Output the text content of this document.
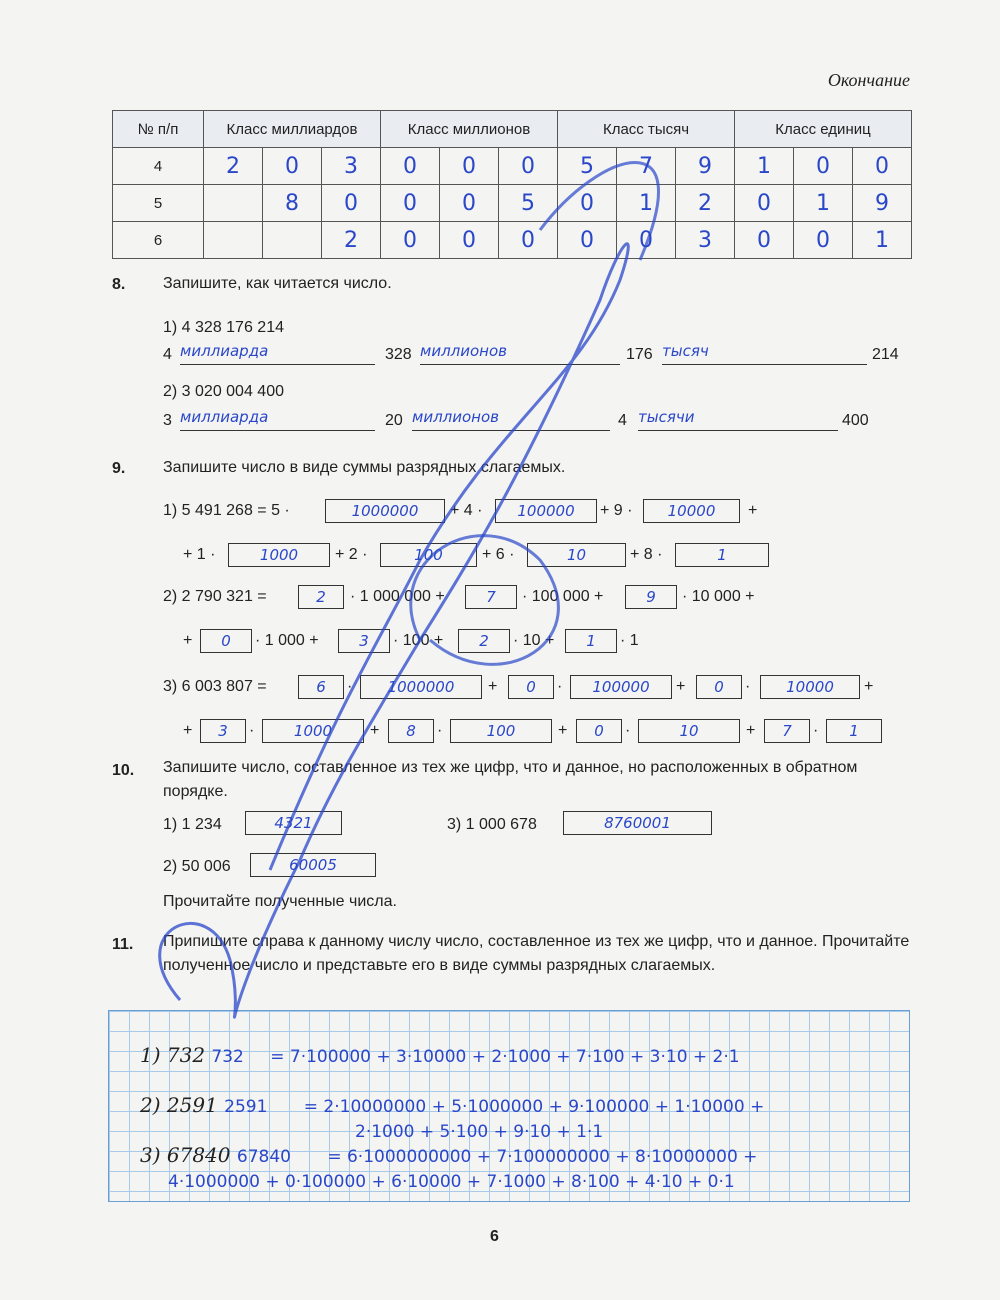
Окончание
№ п/п	Класс миллиардов			Класс миллионов			Класс тысяч			Класс единиц		
4	2	0	3	0	0	0	5	7	9	1	0	0
5		8	0	0	0	5	0	1	2	0	1	9
6			2	0	0	0	0	0	3	0	0	1
8. Запишите, как читается число.
1) 4 328 176 214
4 миллиарда	328 миллионов	176 тысяч	214
2) 3 020 004 400
3 миллиарда	20 миллионов	4 тысячи	400
9. Запишите число в виде суммы разрядных слагаемых.
1) 5 491 268 = 5 ·	1000000	+ 4 ·	100000	+ 9 ·	10000	+
+ 1 ·	1000	+ 2 ·	100	+ 6 ·	10	+ 8 ·	1
2) 2 790 321 =	2	· 1 000 000 +	7	· 100 000 +	9	· 10 000 +
+	0	· 1 000 +	3	· 100 +	2	· 10 +	1	· 1
3) 6 003 807 =	6	·	1000000	+	0	·	100000	+	0	·	10000	+
+	3	·	1000	+	8	·	100	+	0	·	10	+	7	·	1
10. Запишите число, составленное из тех же цифр, что и данное, но расположенных в обратном порядке.
1) 1 234	4321	3) 1 000 678	8760001
2) 50 006	60005
Прочитайте полученные числа.
11. Припишите справа к данному числу число, составленное из тех же цифр, что и данное. Прочитайте полученное число и представьте его в виде суммы разрядных слагаемых.
1) 732 732 = 7·100000 + 3·10000 + 2·1000 + 7·100 + 3·10 + 2·1
2) 2591 2591 = 2·10000000 + 5·1000000 + 9·100000 + 1·10000 +
2·1000 + 5·100 + 9·10 + 1·1
3) 67840 67840 = 6·1000000000 + 7·100000000 + 8·10000000 +
4·1000000 + 0·100000 + 6·10000 + 7·1000 + 8·100 + 4·10 + 0·1
6
